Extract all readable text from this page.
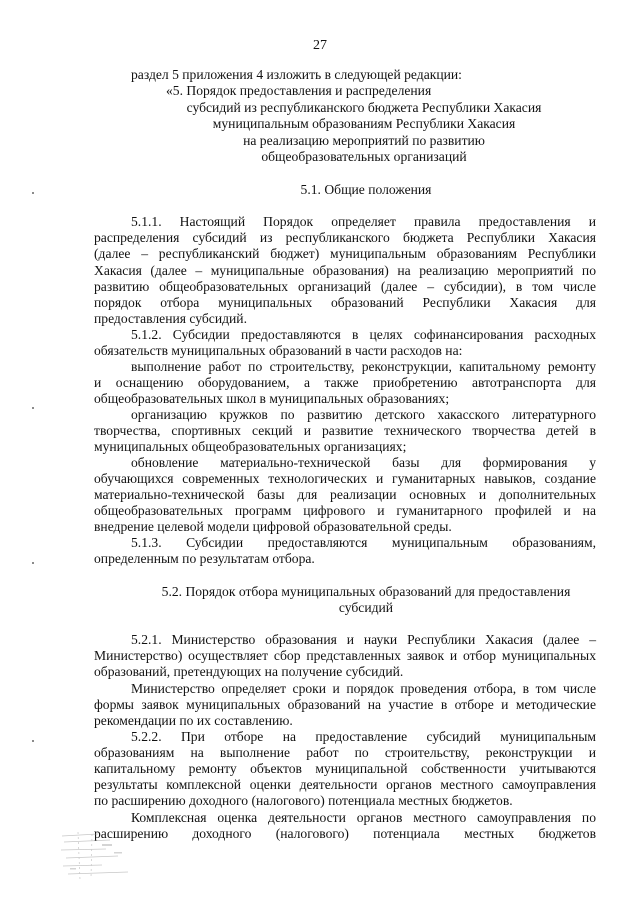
27

раздел 5 приложения 4 изложить в следующей редакции:

«5. Порядок предоставления и распределения

субсидий из республиканского бюджета Республики Хакасия

муниципальным образованиям Республики Хакасия

на реализацию мероприятий по развитию

общеобразовательных организаций

5.1. Общие положения

5.1.1. Настоящий Порядок определяет правила предоставления и

распределения субсидий из республиканского бюджета Республики Хакасия

(далее – республиканский бюджет) муниципальным образованиям Республики

Хакасия (далее – муниципальные образования) на реализацию мероприятий по

развитию общеобразовательных организаций (далее – субсидии), в том числе

порядок отбора муниципальных образований Республики Хакасия для

предоставления субсидий.

5.1.2. Субсидии предоставляются в целях софинансирования расходных

обязательств муниципальных образований в части расходов на:

выполнение работ по строительству, реконструкции, капитальному ремонту

и оснащению оборудованием, а также приобретению автотранспорта для

общеобразовательных школ в муниципальных образованиях;

организацию кружков по развитию детского хакасского литературного

творчества, спортивных секций и развитие технического творчества детей в

муниципальных общеобразовательных организациях;

обновление материально-технической базы для формирования у

обучающихся современных технологических и гуманитарных навыков, создание

материально-технической базы для реализации основных и дополнительных

общеобразовательных программ цифрового и гуманитарного профилей и на

внедрение целевой модели цифровой образовательной среды.

5.1.3. Субсидии предоставляются муниципальным образованиям,

определенным по результатам отбора.

5.2. Порядок отбора муниципальных образований для предоставления

субсидий

5.2.1. Министерство образования и науки Республики Хакасия (далее –

Министерство) осуществляет сбор представленных заявок и отбор муниципальных

образований, претендующих на получение субсидий.

Министерство определяет сроки и порядок проведения отбора, в том числе

формы заявок муниципальных образований на участие в отборе и методические

рекомендации по их составлению.

5.2.2. При отборе на предоставление субсидий муниципальным

образованиям на выполнение работ по строительству, реконструкции и

капитальному ремонту объектов муниципальной собственности учитываются

результаты комплексной оценки деятельности органов местного самоуправления

по расширению доходного (налогового) потенциала местных бюджетов.

Комплексная оценка деятельности органов местного самоуправления по

расширению доходного (налогового) потенциала местных бюджетов
